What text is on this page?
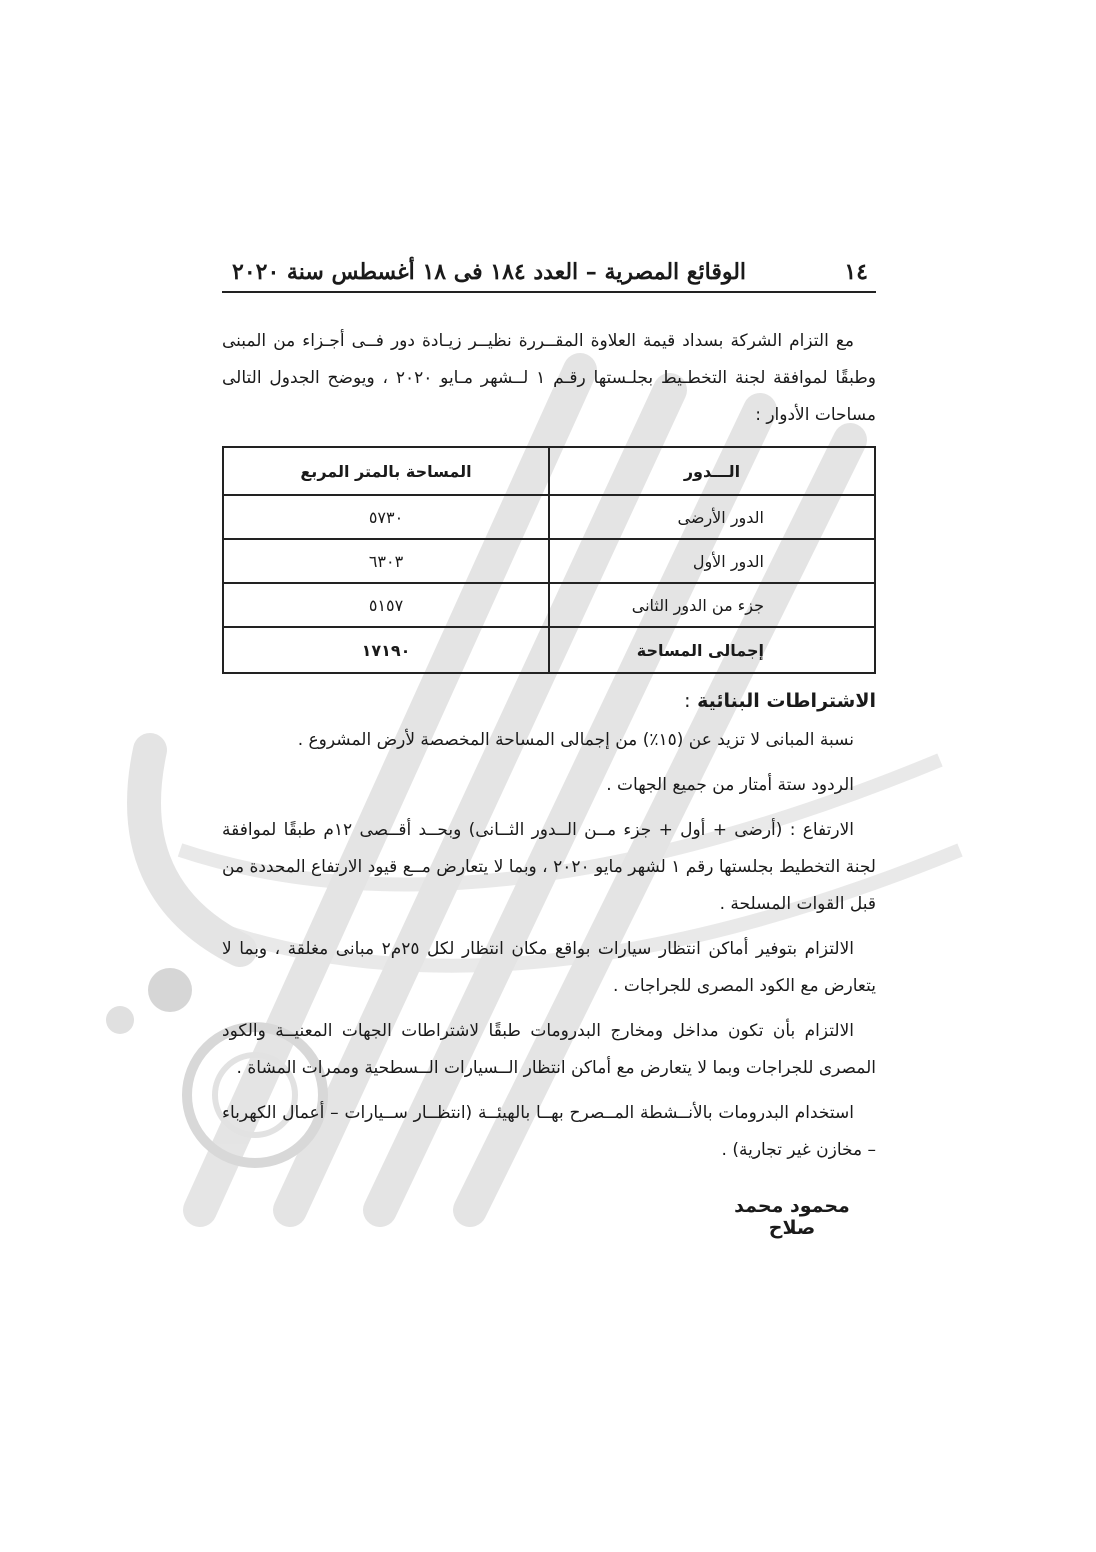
١٤
الوقائع المصرية – العدد ١٨٤ فى ١٨ أغسطس سنة ٢٠٢٠
مع التزام الشركة بسداد قيمة العلاوة المقــررة نظيــر زيـادة دور فــى أجـزاء من المبنى وطبقًا لموافقة لجنة التخطـيط بجلـستها رقـم ١ لــشهر مـايو ٢٠٢٠ ، ويوضح الجدول التالى مساحات الأدوار :
الـــدور	المساحة بالمتر المربع
الدور الأرضى	٥٧٣٠
الدور الأول	٦٣٠٣
جزء من الدور الثانى	٥١٥٧
إجمالى المساحة	١٧١٩٠
الاشتراطات البنائية :

نسبة المبانى لا تزيد عن (١٥٪) من إجمالى المساحة المخصصة لأرض المشروع .

الردود ستة أمتار من جميع الجهات .

الارتفاع : (أرضى + أول + جزء مــن الــدور الثــانى) وبحــد أقــصى ١٢م طبقًا لموافقة لجنة التخطيط بجلستها رقم ١ لشهر مايو ٢٠٢٠ ، وبما لا يتعارض مــع قيود الارتفاع المحددة من قبل القوات المسلحة .

الالتزام بتوفير أماكن انتظار سيارات بواقع مكان انتظار لكل ٢٥م٢ مبانى مغلقة ، وبما لا يتعارض مع الكود المصرى للجراجات .

الالتزام بأن تكون مداخل ومخارج البدرومات طبقًا لاشتراطات الجهات المعنيــة والكود المصرى للجراجات وبما لا يتعارض مع أماكن انتظار الــسيارات الــسطحية وممرات المشاة .

استخدام البدرومات بالأنــشطة المــصرح بهــا بالهيئــة (انتظــار ســيارات – أعمال الكهرباء – مخازن غير تجارية) .

محمود محمد صلاح
